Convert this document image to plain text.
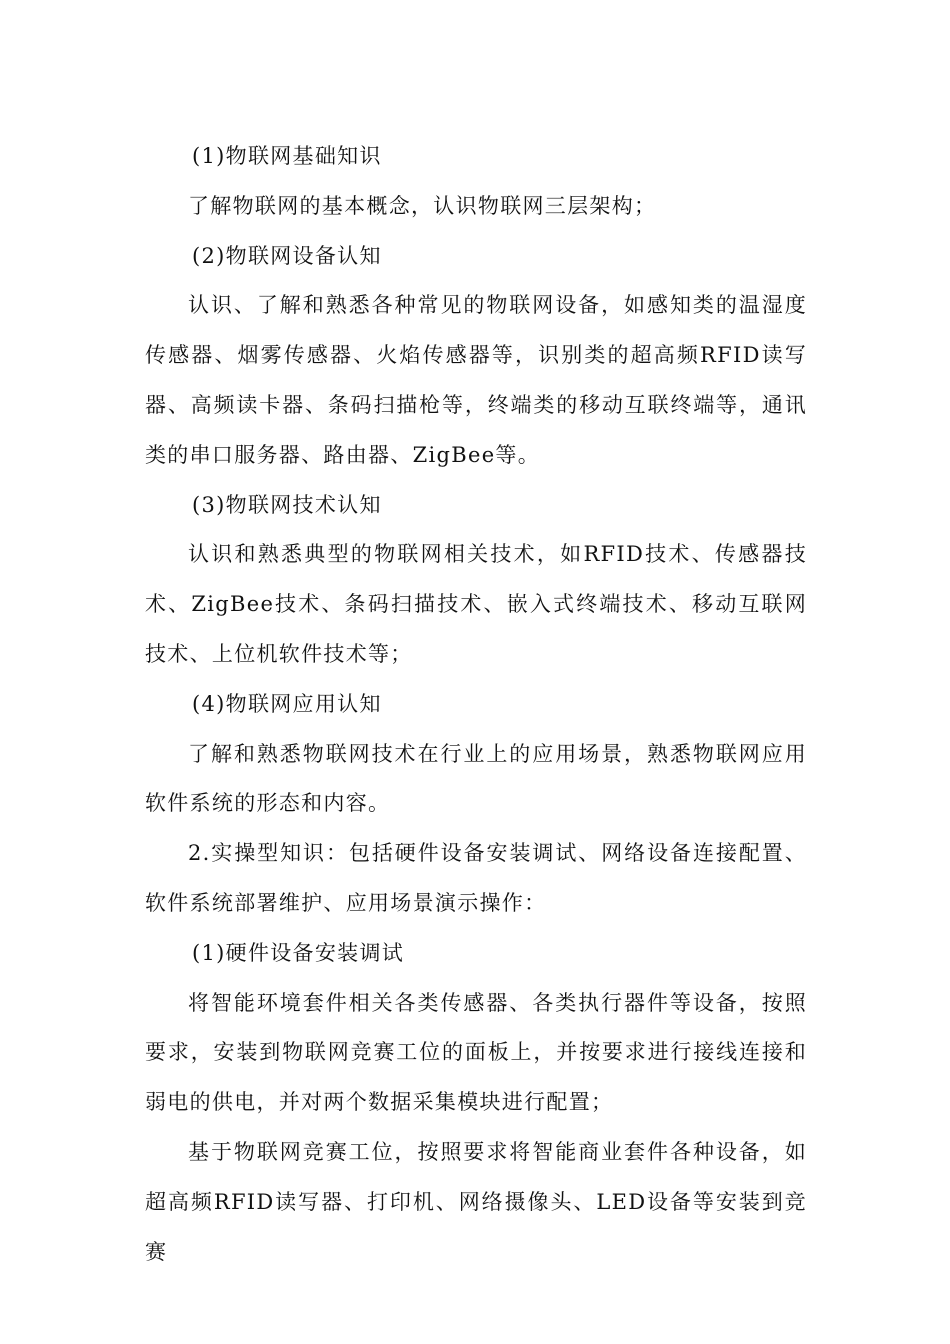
(1)物联网基础知识

了解物联网的基本概念，认识物联网三层架构；

(2)物联网设备认知

认识、了解和熟悉各种常见的物联网设备，如感知类的温湿度传感器、烟雾传感器、火焰传感器等，识别类的超高频RFID读写器、高频读卡器、条码扫描枪等，终端类的移动互联终端等，通讯类的串口服务器、路由器、ZigBee等。

(3)物联网技术认知

认识和熟悉典型的物联网相关技术，如RFID技术、传感器技术、ZigBee技术、条码扫描技术、嵌入式终端技术、移动互联网技术、上位机软件技术等；

(4)物联网应用认知

了解和熟悉物联网技术在行业上的应用场景，熟悉物联网应用软件系统的形态和内容。

2.实操型知识：包括硬件设备安装调试、网络设备连接配置、软件系统部署维护、应用场景演示操作：

(1)硬件设备安装调试

将智能环境套件相关各类传感器、各类执行器件等设备，按照要求，安装到物联网竞赛工位的面板上，并按要求进行接线连接和弱电的供电，并对两个数据采集模块进行配置；

基于物联网竞赛工位，按照要求将智能商业套件各种设备，如超高频RFID读写器、打印机、网络摄像头、LED设备等安装到竞赛
